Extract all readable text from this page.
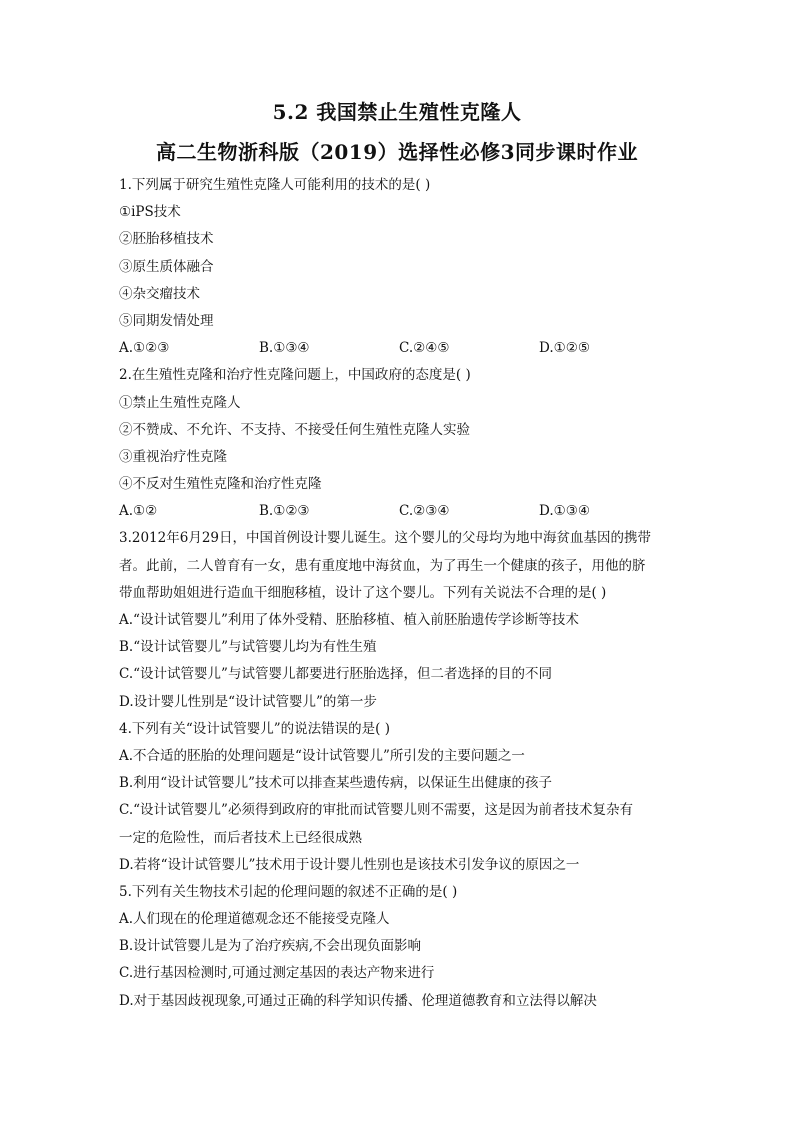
5.2 我国禁止生殖性克隆人
高二生物浙科版（2019）选择性必修3同步课时作业
1.下列属于研究生殖性克隆人可能利用的技术的是( )
①iPS技术
②胚胎移植技术
③原生质体融合
④杂交瘤技术
⑤同期发情处理
A.①②③	B.①③④	C.②④⑤	D.①②⑤
2.在生殖性克隆和治疗性克隆问题上，中国政府的态度是( )
①禁止生殖性克隆人
②不赞成、不允许、不支持、不接受任何生殖性克隆人实验
③重视治疗性克隆
④不反对生殖性克隆和治疗性克隆
A.①②	B.①②③	C.②③④	D.①③④
3.2012年6月29日，中国首例设计婴儿诞生。这个婴儿的父母均为地中海贫血基因的携带
者。此前，二人曾育有一女，患有重度地中海贫血，为了再生一个健康的孩子，用他的脐
带血帮助姐姐进行造血干细胞移植，设计了这个婴儿。下列有关说法不合理的是( )
A.“设计试管婴儿”利用了体外受精、胚胎移植、植入前胚胎遗传学诊断等技术
B.“设计试管婴儿”与试管婴儿均为有性生殖
C.“设计试管婴儿”与试管婴儿都要进行胚胎选择，但二者选择的目的不同
D.设计婴儿性别是“设计试管婴儿”的第一步
4.下列有关“设计试管婴儿”的说法错误的是( )
A.不合适的胚胎的处理问题是“设计试管婴儿”所引发的主要问题之一
B.利用“设计试管婴儿”技术可以排查某些遗传病，以保证生出健康的孩子
C.“设计试管婴儿”必须得到政府的审批而试管婴儿则不需要，这是因为前者技术复杂有
一定的危险性，而后者技术上已经很成熟
D.若将“设计试管婴儿”技术用于设计婴儿性别也是该技术引发争议的原因之一
5.下列有关生物技术引起的伦理问题的叙述不正确的是( )
A.人们现在的伦理道德观念还不能接受克隆人
B.设计试管婴儿是为了治疗疾病,不会出现负面影响
C.进行基因检测时,可通过测定基因的表达产物来进行
D.对于基因歧视现象,可通过正确的科学知识传播、伦理道德教育和立法得以解决
